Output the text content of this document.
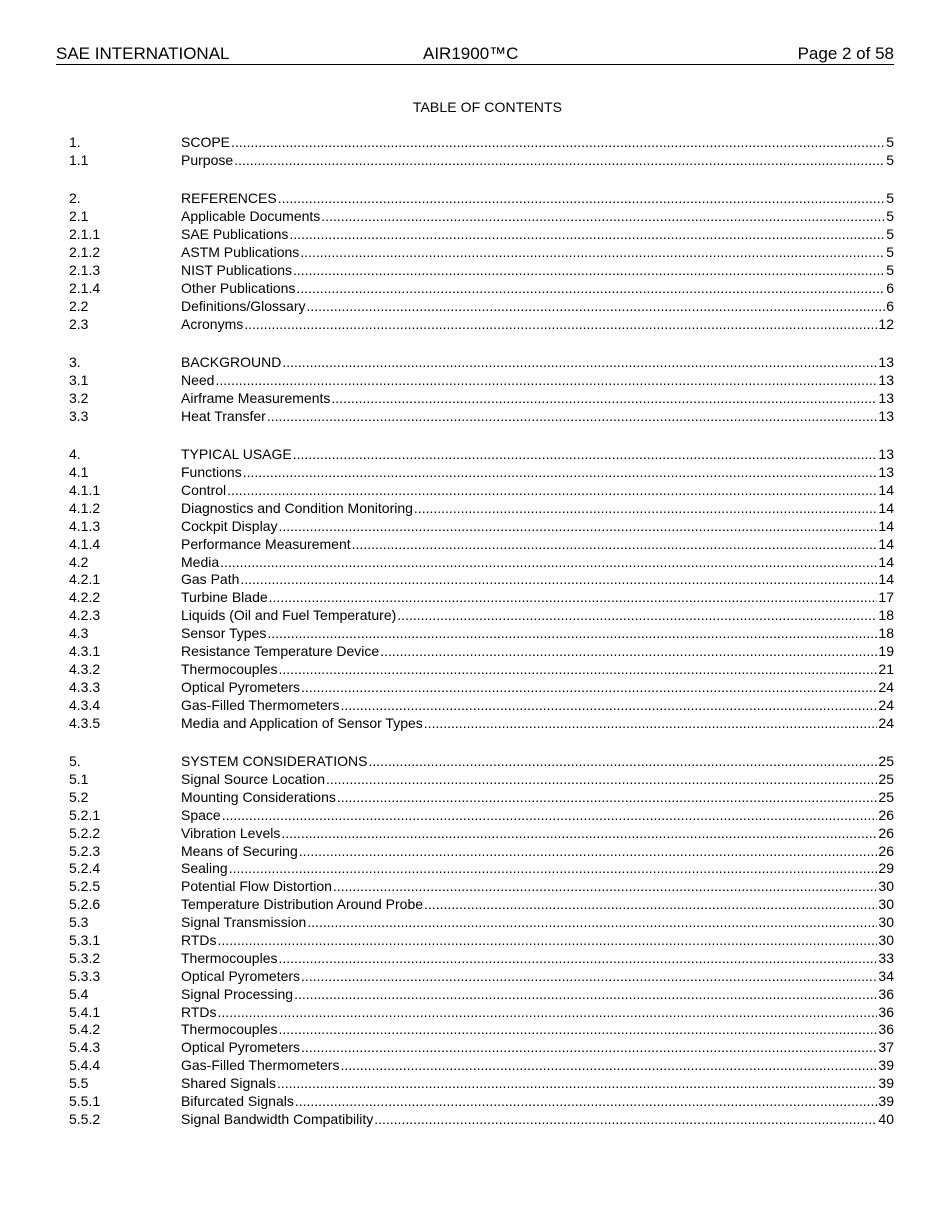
SAE INTERNATIONAL	AIR1900™C	Page 2 of 58
TABLE OF CONTENTS
1.	SCOPE .....	5
1.1	Purpose .....	5
2.	REFERENCES .....	5
2.1	Applicable Documents .....	5
2.1.1	SAE Publications .....	5
2.1.2	ASTM Publications .....	5
2.1.3	NIST Publications .....	5
2.1.4	Other Publications .....	6
2.2	Definitions/Glossary .....	6
2.3	Acronyms .....	12
3.	BACKGROUND .....	13
3.1	Need .....	13
3.2	Airframe Measurements .....	13
3.3	Heat Transfer .....	13
4.	TYPICAL USAGE .....	13
4.1	Functions .....	13
4.1.1	Control .....	14
4.1.2	Diagnostics and Condition Monitoring .....	14
4.1.3	Cockpit Display .....	14
4.1.4	Performance Measurement .....	14
4.2	Media .....	14
4.2.1	Gas Path .....	14
4.2.2	Turbine Blade .....	17
4.2.3	Liquids (Oil and Fuel Temperature) .....	18
4.3	Sensor Types .....	18
4.3.1	Resistance Temperature Device .....	19
4.3.2	Thermocouples .....	21
4.3.3	Optical Pyrometers .....	24
4.3.4	Gas-Filled Thermometers .....	24
4.3.5	Media and Application of Sensor Types .....	24
5.	SYSTEM CONSIDERATIONS .....	25
5.1	Signal Source Location .....	25
5.2	Mounting Considerations .....	25
5.2.1	Space .....	26
5.2.2	Vibration Levels .....	26
5.2.3	Means of Securing .....	26
5.2.4	Sealing .....	29
5.2.5	Potential Flow Distortion .....	30
5.2.6	Temperature Distribution Around Probe .....	30
5.3	Signal Transmission .....	30
5.3.1	RTDs .....	30
5.3.2	Thermocouples .....	33
5.3.3	Optical Pyrometers .....	34
5.4	Signal Processing .....	36
5.4.1	RTDs .....	36
5.4.2	Thermocouples .....	36
5.4.3	Optical Pyrometers .....	37
5.4.4	Gas-Filled Thermometers .....	39
5.5	Shared Signals .....	39
5.5.1	Bifurcated Signals .....	39
5.5.2	Signal Bandwidth Compatibility .....	40
